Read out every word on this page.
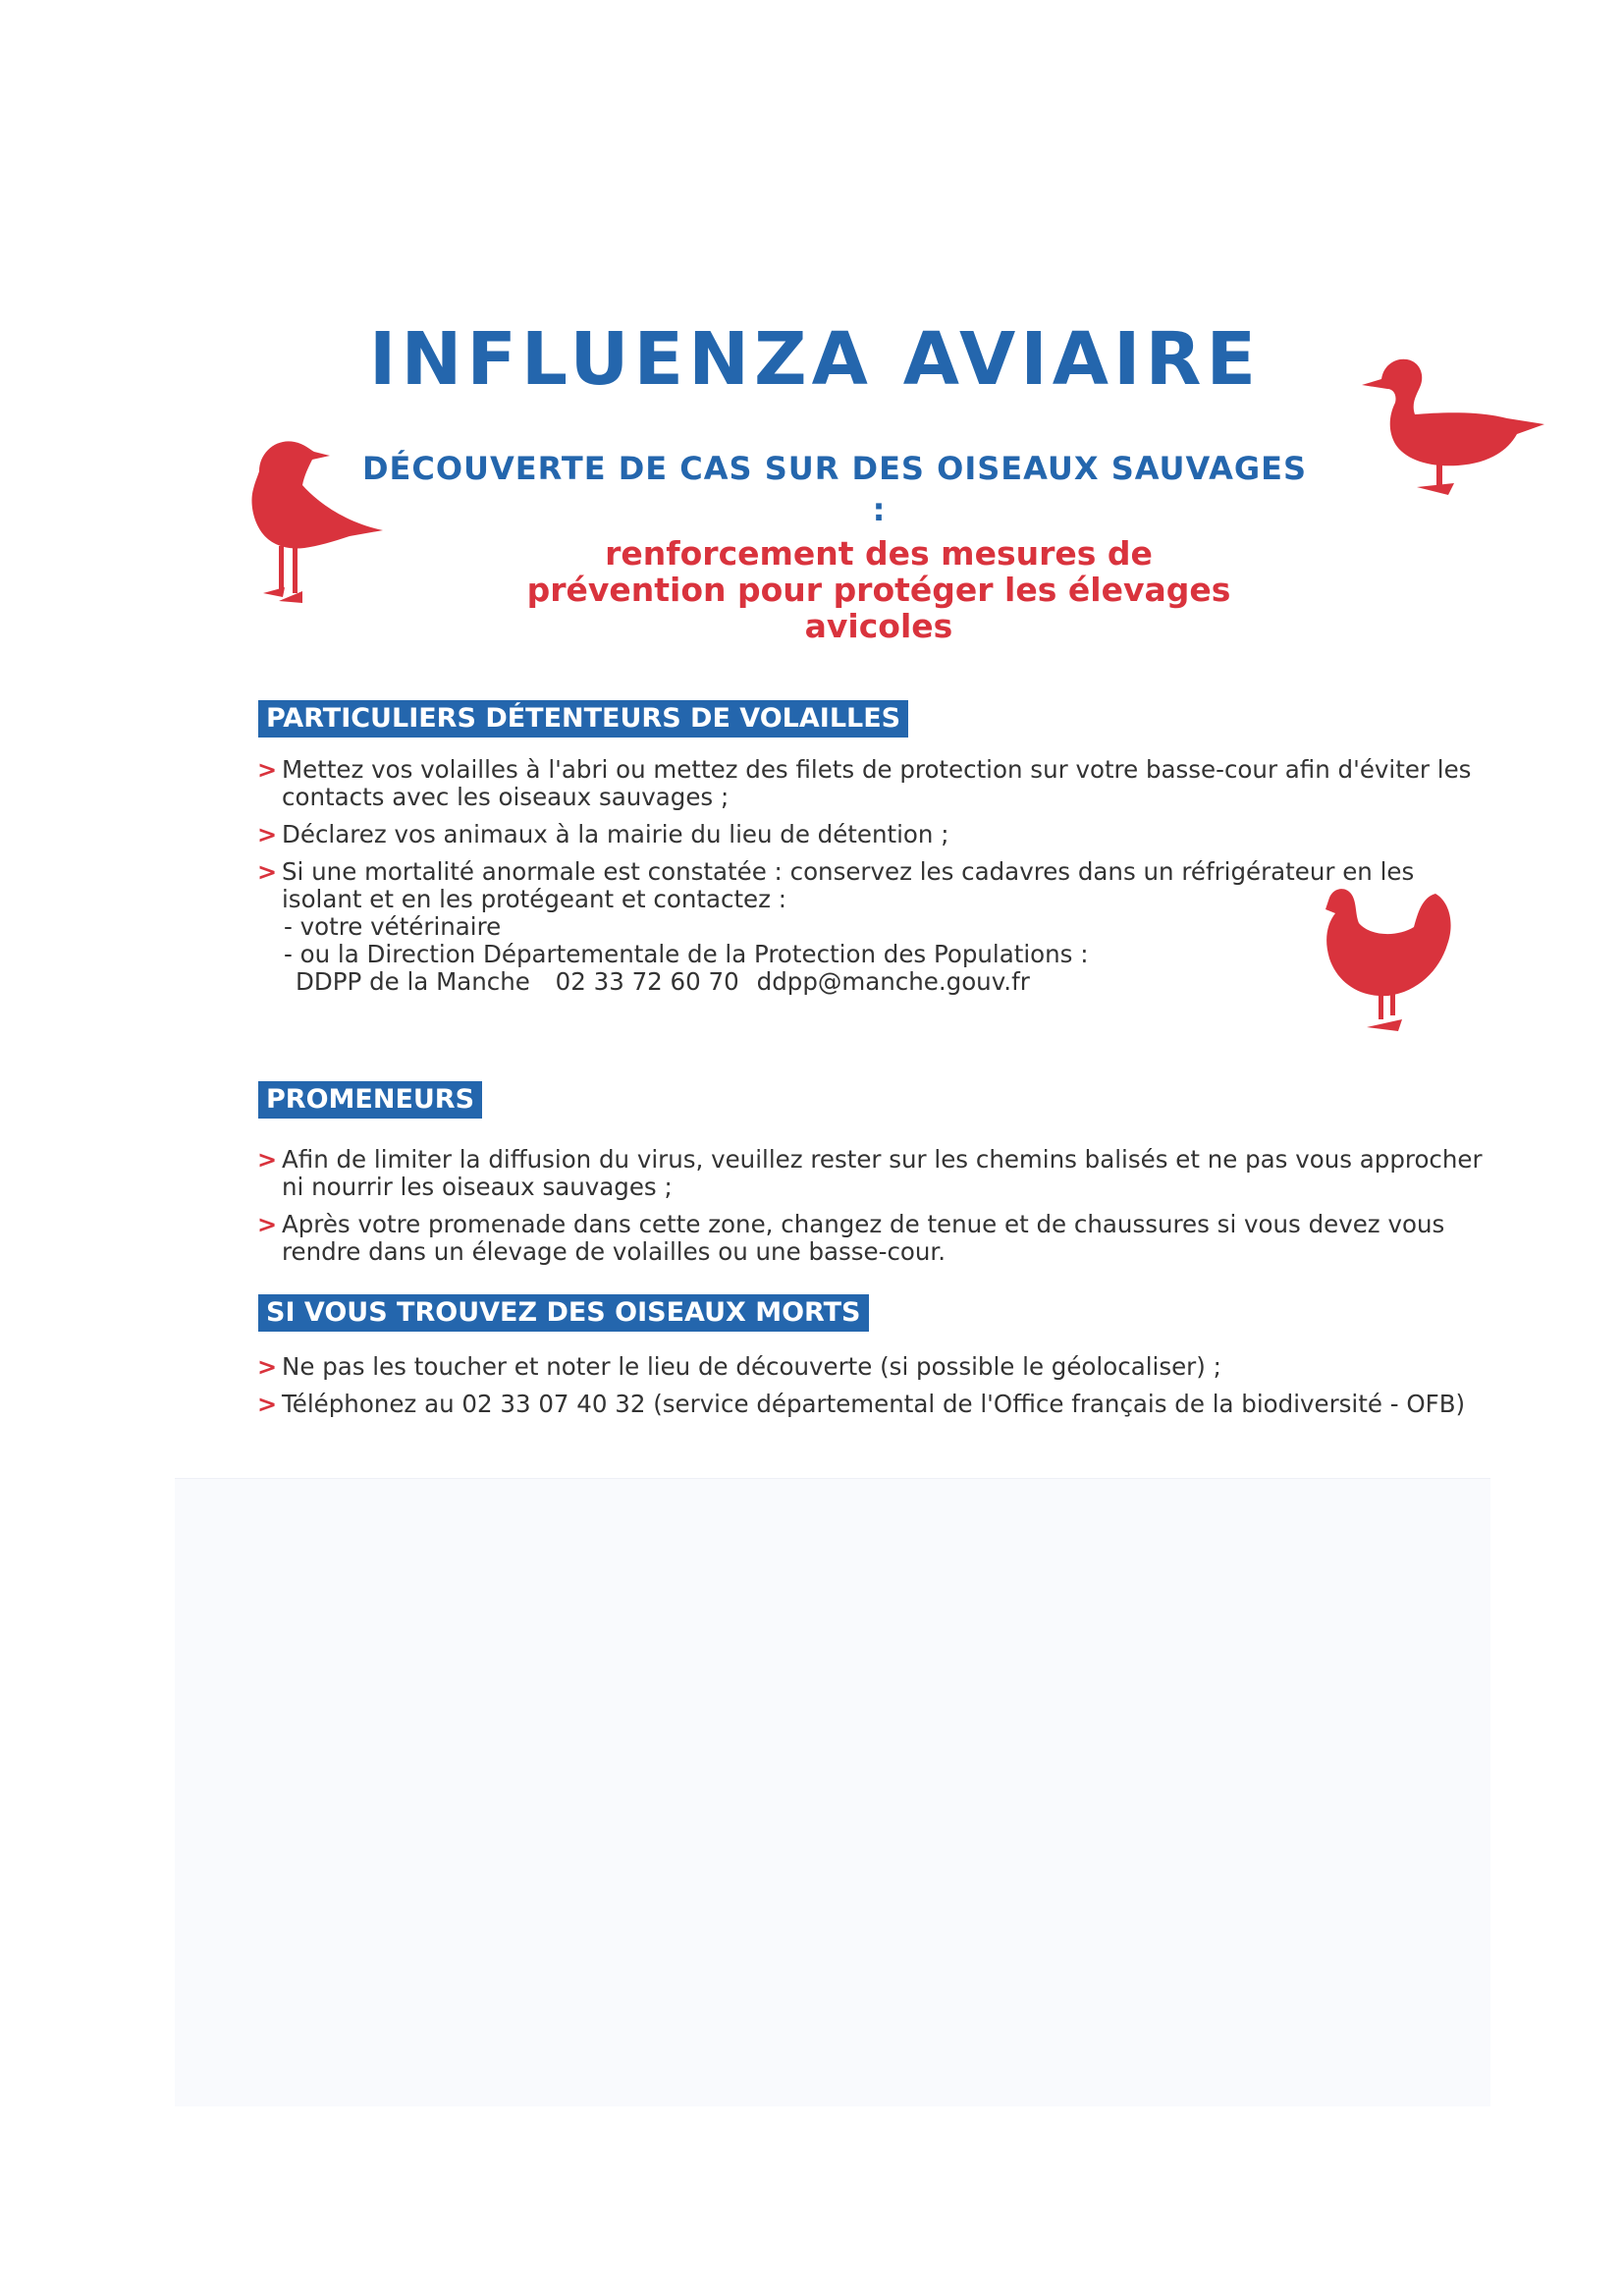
INFLUENZA AVIAIRE
DÉCOUVERTE DE CAS SUR DES OISEAUX SAUVAGES
:
renforcement des mesures de
prévention pour protéger les élevages
avicoles
PARTICULIERS DÉTENTEURS DE VOLAILLES
> Mettez vos volailles à l'abri ou mettez des filets de protection sur votre basse-cour afin d'éviter les contacts avec les oiseaux sauvages ;
> Déclarez vos animaux à la mairie du lieu de détention ;
> Si une mortalité anormale est constatée : conservez les cadavres dans un réfrigérateur en les isolant et en les protégeant et contactez :
- votre vétérinaire
- ou la Direction Départementale de la Protection des Populations :
DDPP de la Manche 02 33 72 60 70 ddpp@manche.gouv.fr
PROMENEURS
> Afin de limiter la diffusion du virus, veuillez rester sur les chemins balisés et ne pas vous approcher ni nourrir les oiseaux sauvages ;
> Après votre promenade dans cette zone, changez de tenue et de chaussures si vous devez vous rendre dans un élevage de volailles ou une basse-cour.
SI VOUS TROUVEZ DES OISEAUX MORTS
> Ne pas les toucher et noter le lieu de découverte (si possible le géolocaliser) ;
> Téléphonez au 02 33 07 40 32 (service départemental de l'Office français de la biodiversité - OFB)
